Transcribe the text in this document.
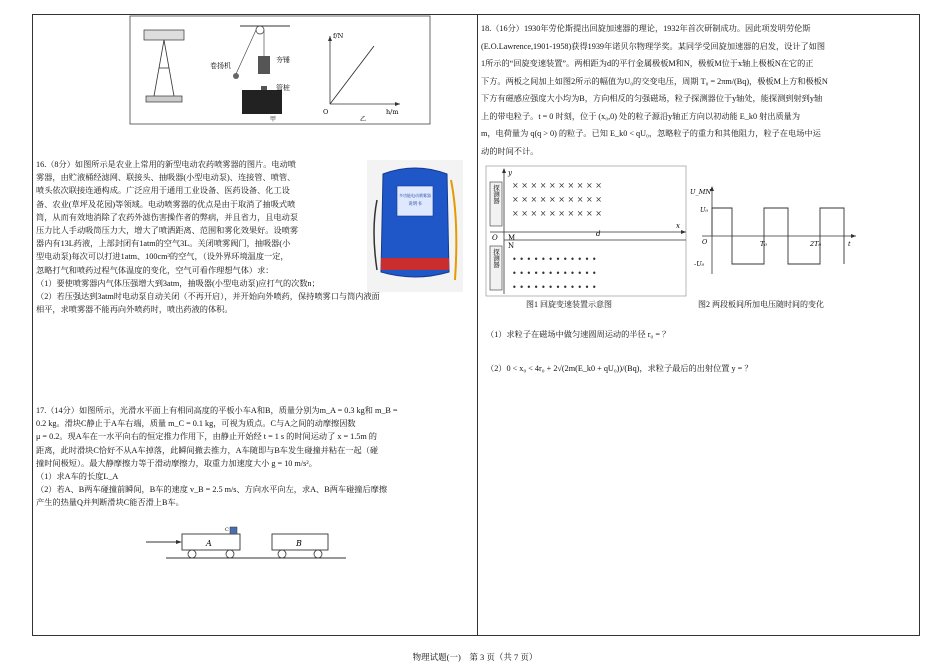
卷扬机
夯锤
管桩
甲
f/N
h/m
O
乙
16.（8分）如图所示是农业上常用的新型电动农药喷雾器的图片。电动喷
雾器，由贮液桶经滤网、联接头、抽吸器(小型电动泵)、连接管、喷管、
喷头依次联接连通构成。广泛应用于通用工业设备、医药设备、化工设
备、农业(草坪及花园)等领域。电动喷雾器的优点是由于取消了抽吸式喷
筒，从而有效地消除了农药外滤伤害操作者的弊病，并且省力，且电动泵
压力比人手动吸筒压力大，增大了喷洒距离、范围和雾化效果好。设喷雾
器内有13L药液，上部封闭有1atm的空气3L。关闭喷雾阀门，抽吸器(小
型电动泵)每次可以打进1atm、100cm³的空气，（设外界环境温度一定，
忽略打气和喷药过程气体温度的变化，空气可看作理想气体）求：
（1）要使喷雾器内气体压强增大到3atm，抽吸器(小型电动泵)应打气的次数n；
（2）若压强达到3atm时电动泵自动关闭（不再开启），并开始向外喷药，保持喷雾口与筒内液面
相平，求喷雾器不能再向外喷药时，喷出药液的体积。
多功能电动喷雾器
说明书
17.（14分）如图所示，光滑水平面上有相同高度的平板小车A和B，质量分别为m_A = 0.3 kg和 m_B =
0.2 kg。滑块C静止于A车右端，质量 m_C = 0.1 kg，可视为质点。C与A之间的动摩擦因数
μ = 0.2。现A车在一水平向右的恒定推力作用下，由静止开始经 t = 1 s 的时间运动了 x = 1.5m 的
距离，此时滑块C恰好不从A车掉落，此瞬间撤去推力，A车随即与B车发生碰撞并粘在一起（碰
撞时间极短）。最大静摩擦力等于滑动摩擦力，取重力加速度大小 g = 10 m/s²。
（1）求A车的长度L_A
（2）若A、B两车碰撞前瞬间，B车的速度 v_B = 2.5 m/s、方向水平向左，求A、B两车碰撞后摩擦
产生的热量Q并判断滑块C能否滑上B车。
A	B
C
18.（16分）1930年劳伦斯提出回旋加速器的理论，1932年首次研制成功。因此项发明劳伦斯
(E.O.Lawrence,1901-1958)获得1939年诺贝尔物理学奖。某同学受回旋加速器的启发，设计了如图
1所示的“回旋变速装置”。两相距为d的平行金属极板M和N，极板M位于x轴上极板N在它的正
下方。两板之间加上如图2所示的幅值为U₀的交变电压，周期 T₀ = 2πm/(Bq)，极板M上方和极板N
下方有磁感应强度大小均为B，方向相反的匀强磁场，粒子探测器位于y轴处，能探测到射到y轴
上的带电粒子。t = 0 时刻，位于 (x₀,0) 处的粒子源沿y轴正方向以初动能 E_k0 射出质量为
m，电荷量为 q(q > 0) 的粒子。已知 E_k0 < qU₀，忽略粒子的重力和其他阻力，粒子在电场中运
动的时间不计。
y
x
O M
N
d
探测器
探测器
× × × × × × × × × ×
× × × × × × × × × ×
× × × × × × × × × ×
• • • • • • • • • • • •
• • • • • • • • • • • •
• • • • • • • • • • • •
U_MN
U₀
-U₀
O	T₀	2T₀	t
图1 回旋变速装置示意图	图2 两段板间所加电压随时间的变化
（1）求粒子在磁场中做匀速圆周运动的半径 r₀ = ？
（2）0 < x₀ < 4r₀ + 2√(2m(E_k0 + qU₀))/(Bq)，求粒子最后的出射位置 y = ？
物理试题(一)　第 3 页（共 7 页）
